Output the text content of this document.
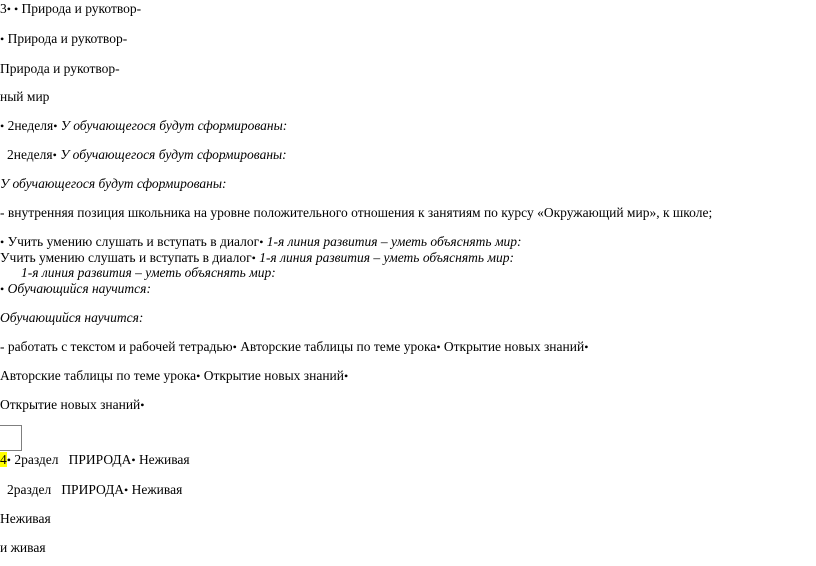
3• • Природа и рукотвор-
• Природа и рукотвор-
Природа и рукотвор-
ный мир
• 2неделя• У обучающегося будут сформированы:
2неделя• У обучающегося будут сформированы:
У обучающегося будут сформированы:
- внутренняя позиция школьника на уровне положительного отношения к занятиям по курсу «Окружающий мир», к школе;
• Учить умению слушать и вступать в диалог• 1-я линия развития – уметь объяснять мир:
Учить умению слушать и вступать в диалог• 1-я линия развития – уметь объяснять мир:
1-я линия развития – уметь объяснять мир:
• Обучающийся научится:
Обучающийся научится:
- работать с текстом и рабочей тетрадью• Авторские таблицы по теме урока• Открытие новых знаний•
Авторские таблицы по теме урока• Открытие новых знаний•
Открытие новых знаний•
4• 2раздел ПРИРОДА• Неживая
2раздел ПРИРОДА• Неживая
Неживая
и живая
